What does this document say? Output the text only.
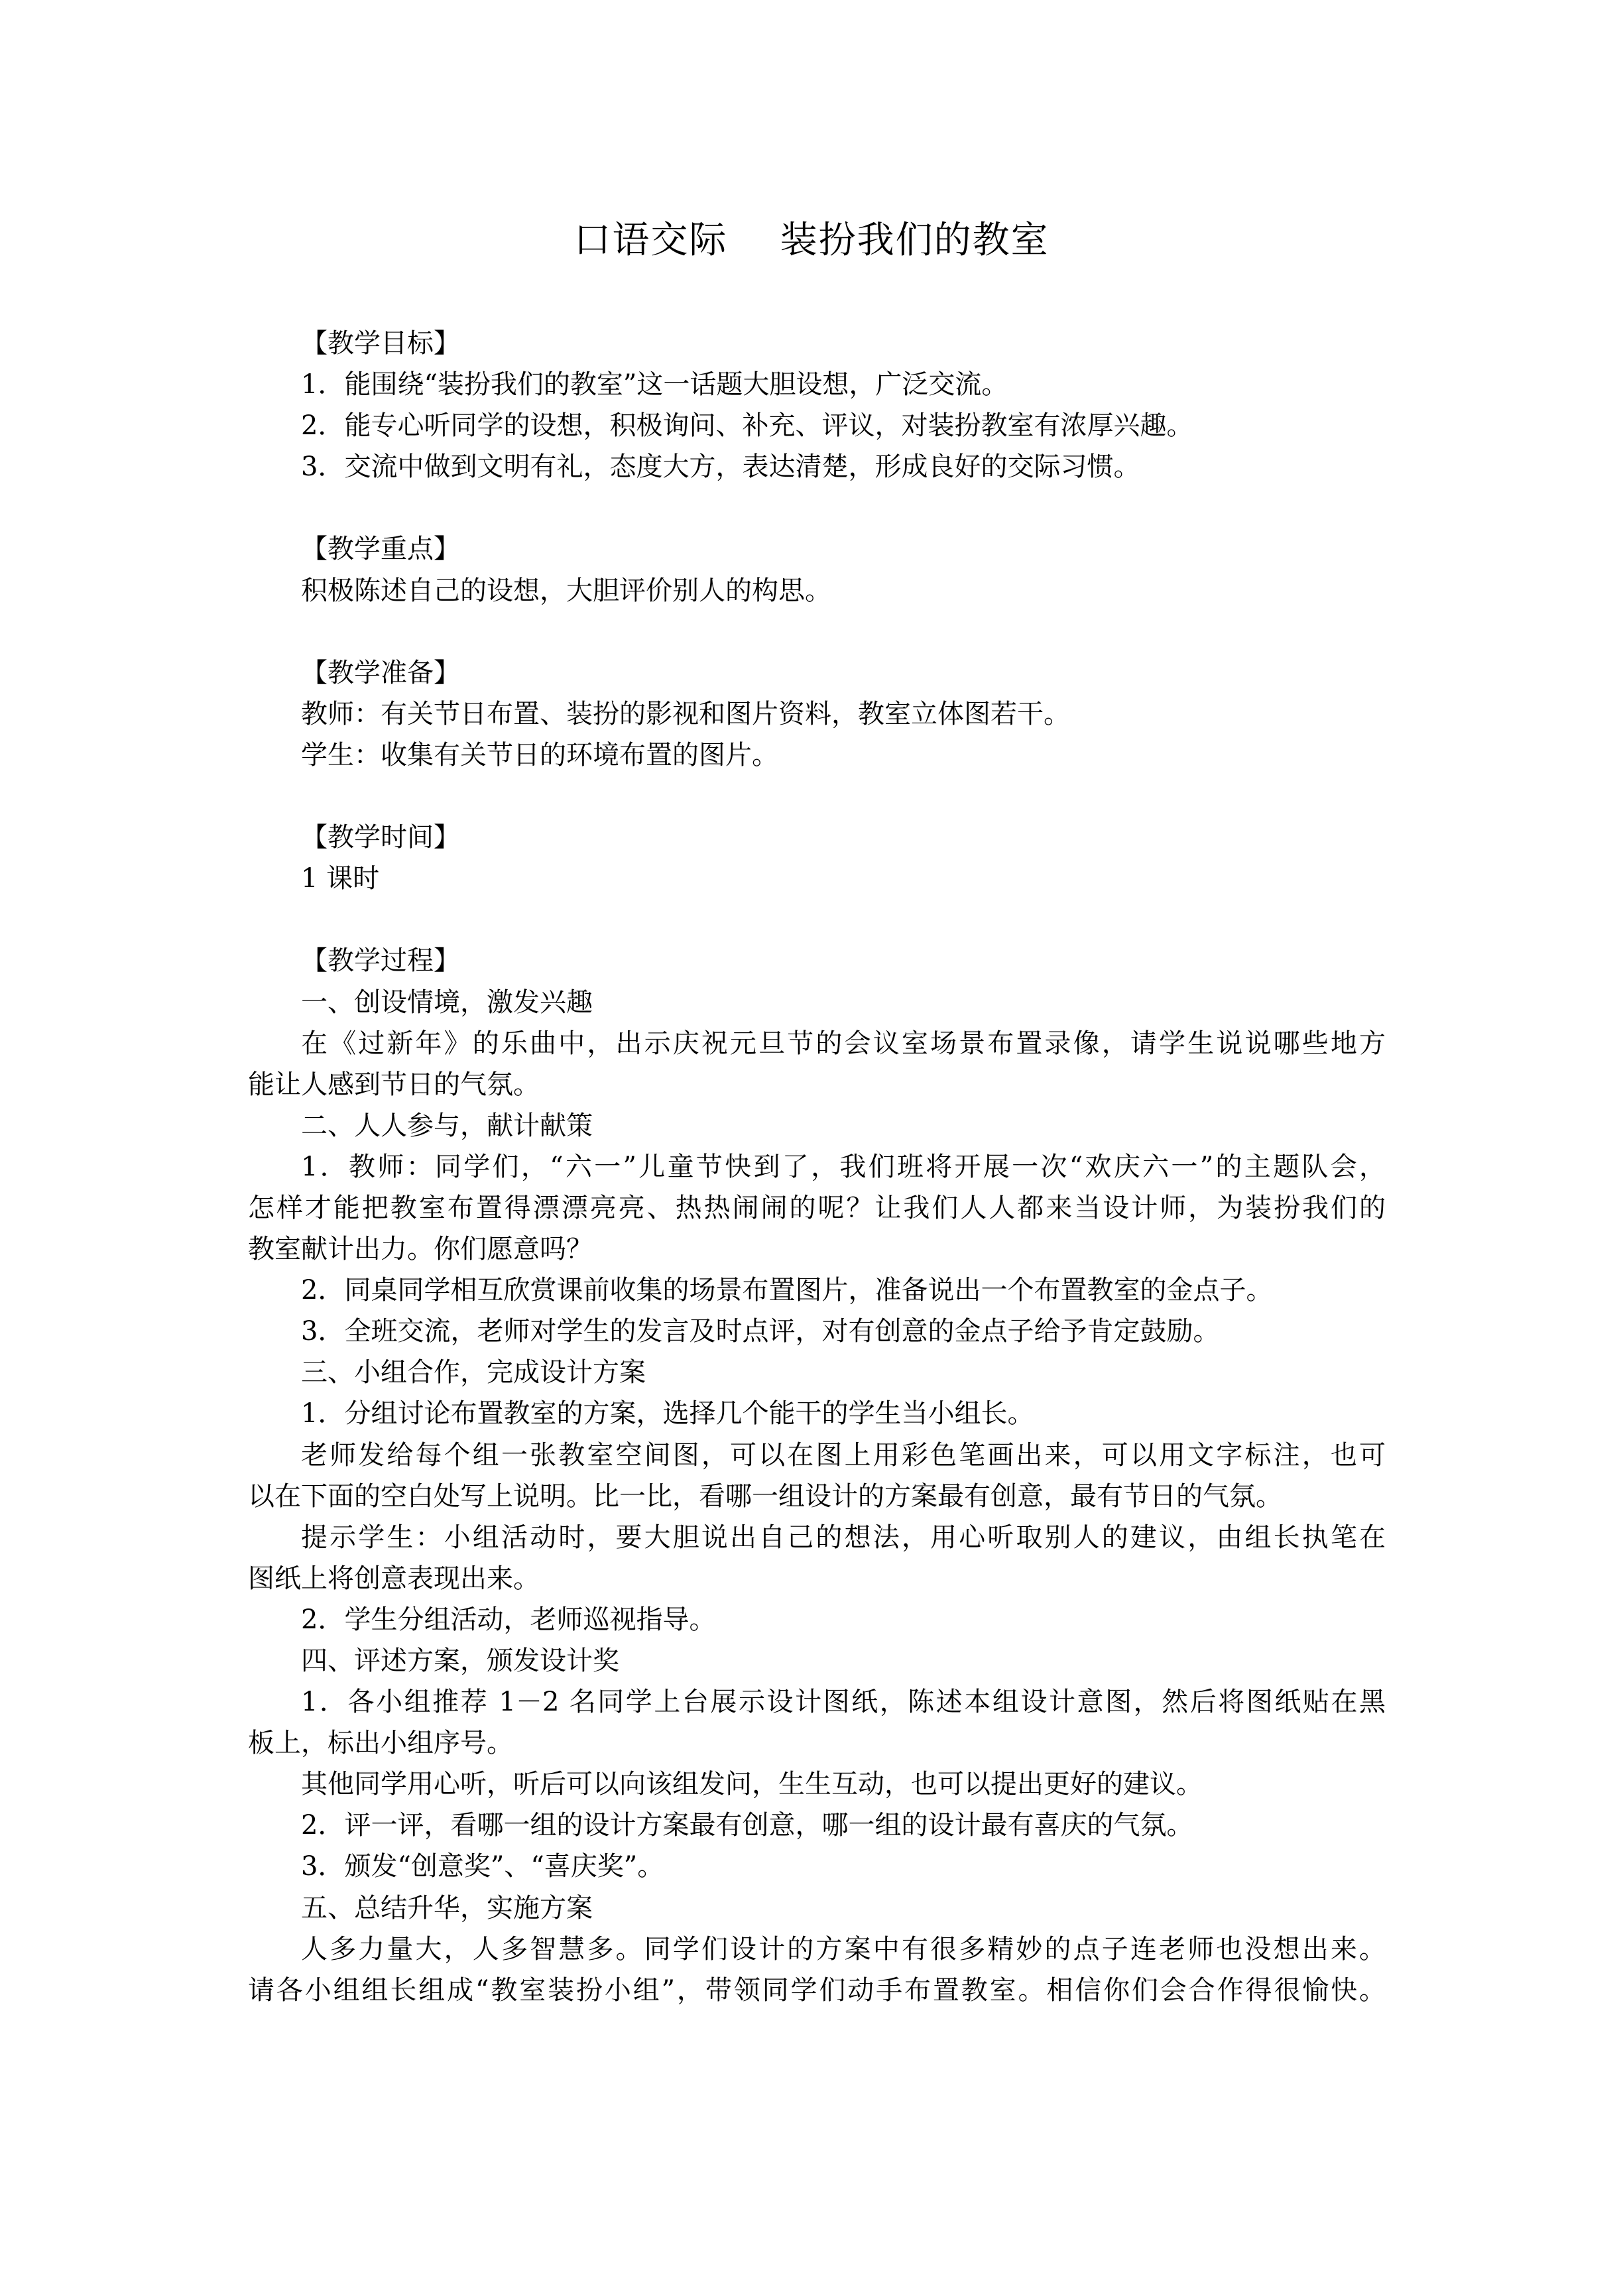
口语交际    装扮我们的教室
【教学目标】
1．能围绕“装扮我们的教室”这一话题大胆设想，广泛交流。
2．能专心听同学的设想，积极询问、补充、评议，对装扮教室有浓厚兴趣。
3．交流中做到文明有礼，态度大方，表达清楚，形成良好的交际习惯。
【教学重点】
积极陈述自己的设想，大胆评价别人的构思。
【教学准备】
教师：有关节日布置、装扮的影视和图片资料，教室立体图若干。
学生：收集有关节日的环境布置的图片。
【教学时间】
1 课时
【教学过程】
一、创设情境，激发兴趣
在《过新年》的乐曲中，出示庆祝元旦节的会议室场景布置录像，请学生说说哪些地方
能让人感到节日的气氛。
二、人人参与，献计献策
1．教师：同学们，“六一”儿童节快到了，我们班将开展一次“欢庆六一”的主题队会，
怎样才能把教室布置得漂漂亮亮、热热闹闹的呢？让我们人人都来当设计师，为装扮我们的
教室献计出力。你们愿意吗？
2．同桌同学相互欣赏课前收集的场景布置图片，准备说出一个布置教室的金点子。
3．全班交流，老师对学生的发言及时点评，对有创意的金点子给予肯定鼓励。
三、小组合作，完成设计方案
1．分组讨论布置教室的方案，选择几个能干的学生当小组长。
老师发给每个组一张教室空间图，可以在图上用彩色笔画出来，可以用文字标注，也可
以在下面的空白处写上说明。比一比，看哪一组设计的方案最有创意，最有节日的气氛。
提示学生：小组活动时，要大胆说出自己的想法，用心听取别人的建议，由组长执笔在
图纸上将创意表现出来。
2．学生分组活动，老师巡视指导。
四、评述方案，颁发设计奖
1．各小组推荐 1－2 名同学上台展示设计图纸，陈述本组设计意图，然后将图纸贴在黑
板上，标出小组序号。
其他同学用心听，听后可以向该组发问，生生互动，也可以提出更好的建议。
2．评一评，看哪一组的设计方案最有创意，哪一组的设计最有喜庆的气氛。
3．颁发“创意奖”、“喜庆奖”。
五、总结升华，实施方案
人多力量大，人多智慧多。同学们设计的方案中有很多精妙的点子连老师也没想出来。
请各小组组长组成“教室装扮小组”，带领同学们动手布置教室。相信你们会合作得很愉快。
